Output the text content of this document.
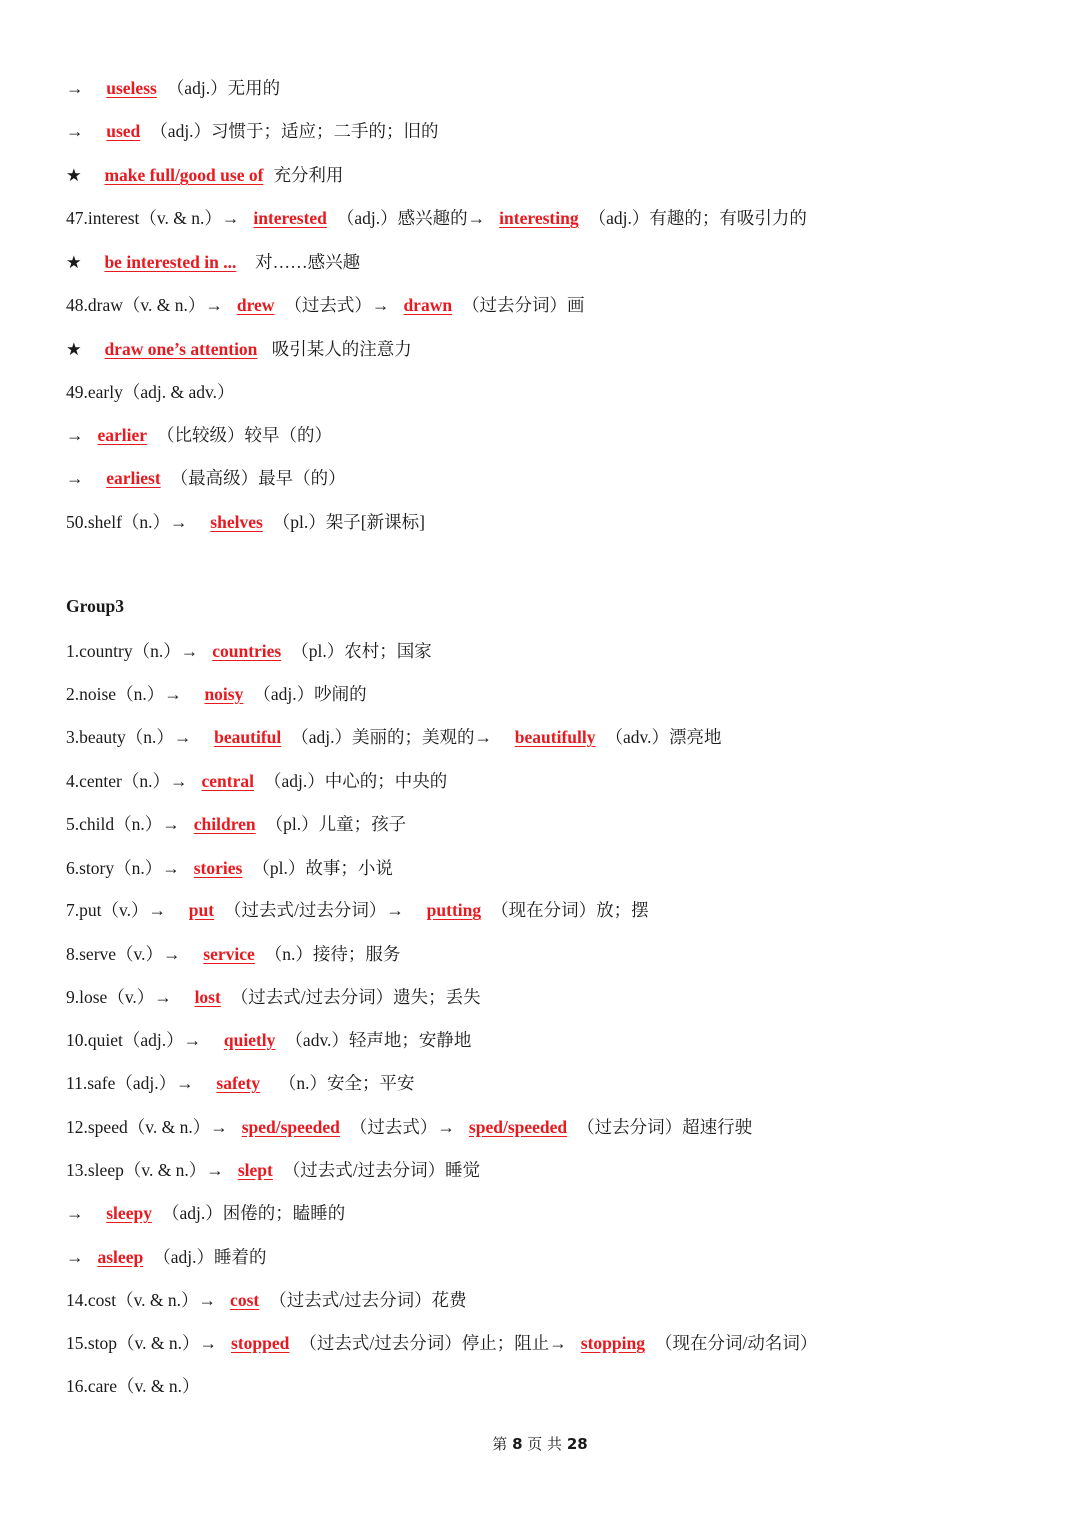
→  useless （adj.）无用的
→  used （adj.）习惯于；适应；二手的；旧的
★  make full/good use of 充分利用
47.interest（v. & n.）→ interested （adj.）感兴趣的→ interesting （adj.）有趣的；有吸引力的
★  be interested in ...  对……感兴趣
48.draw（v. & n.）→ drew （过去式）→ drawn （过去分词）画
★  draw one’s attention 吸引某人的注意力
49.early（adj. & adv.）
→ earlier （比较级）较早（的）
→  earliest （最高级）最早（的）
50.shelf（n.）→  shelves （pl.）架子[新课标]
Group3
1.country（n.）→ countries （pl.）农村；国家
2.noise（n.）→  noisy （adj.）吵闹的
3.beauty（n.）→  beautiful （adj.）美丽的；美观的→  beautifully （adv.）漂亮地
4.center（n.）→ central （adj.）中心的；中央的
5.child（n.）→ children （pl.）儿童；孩子
6.story（n.）→ stories （pl.）故事；小说
7.put（v.）→  put （过去式/过去分词）→  putting （现在分词）放；摆
8.serve（v.）→  service （n.）接待；服务
9.lose（v.）→  lost （过去式/过去分词）遗失；丢失
10.quiet（adj.）→  quietly （adv.）轻声地；安静地
11.safe（adj.）→  safety  （n.）安全；平安
12.speed（v. & n.）→ sped/speeded （过去式）→ sped/speeded （过去分词）超速行驶
13.sleep（v. & n.）→ slept （过去式/过去分词）睡觉
→  sleepy （adj.）困倦的；瞌睡的
→ asleep （adj.）睡着的
14.cost（v. & n.）→ cost （过去式/过去分词）花费
15.stop（v. & n.）→ stopped （过去式/过去分词）停止；阻止→ stopping （现在分词/动名词）
16.care（v. & n.）
第 8 页 共 28
